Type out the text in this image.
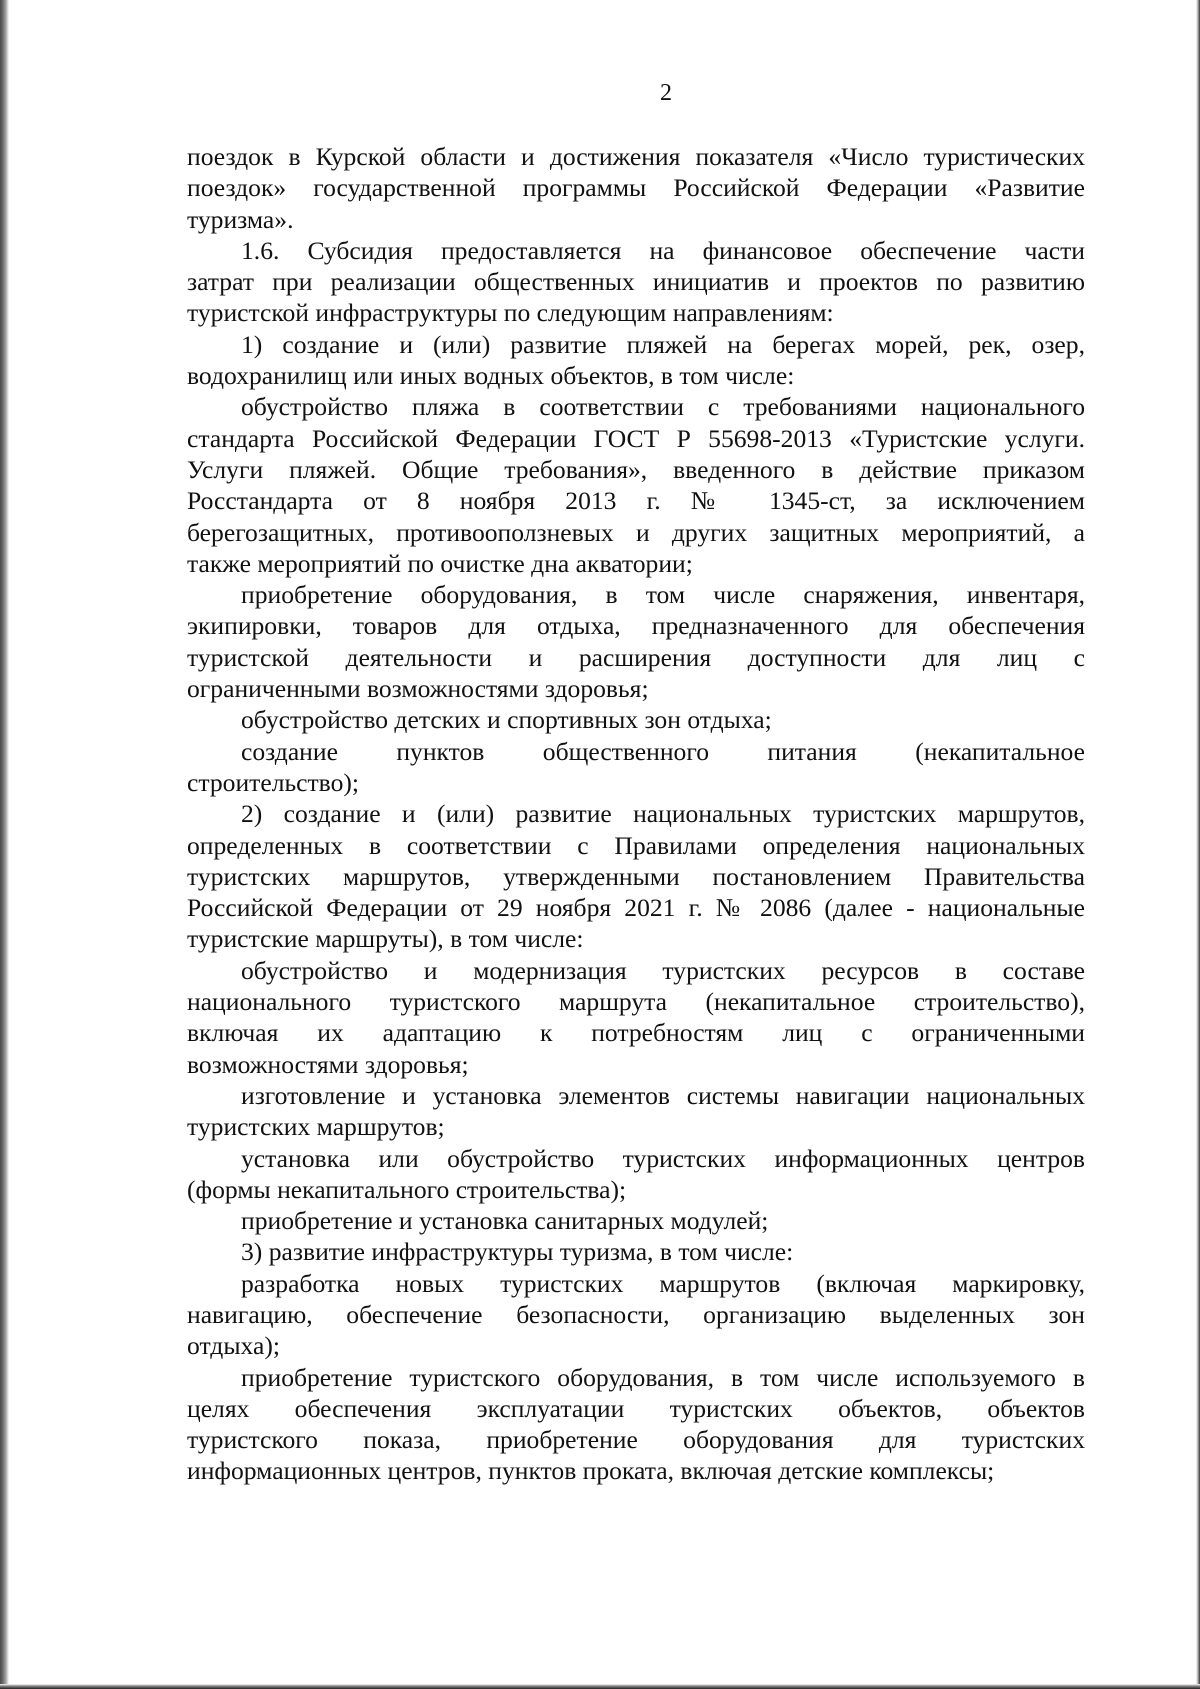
2

поездок в Курской области и достижения показателя «Число туристических

поездок» государственной программы Российской Федерации «Развитие

туризма».

1.6. Субсидия предоставляется на финансовое обеспечение части

затрат при реализации общественных инициатив и проектов по развитию

туристской инфраструктуры по следующим направлениям:

1) создание и (или) развитие пляжей на берегах морей, рек, озер,

водохранилищ или иных водных объектов, в том числе:

обустройство пляжа в соответствии с требованиями национального

стандарта Российской Федерации ГОСТ Р 55698-2013 «Туристские услуги.

Услуги пляжей. Общие требования», введенного в действие приказом

Росстандарта от 8 ноября 2013 г. № 1345-ст, за исключением

берегозащитных, противооползневых и других защитных мероприятий, а

также мероприятий по очистке дна акватории;

приобретение оборудования, в том числе снаряжения, инвентаря,

экипировки, товаров для отдыха, предназначенного для обеспечения

туристской деятельности и расширения доступности для лиц с

ограниченными возможностями здоровья;

обустройство детских и спортивных зон отдыха;

создание пунктов общественного питания (некапитальное

строительство);

2) создание и (или) развитие национальных туристских маршрутов,

определенных в соответствии с Правилами определения национальных

туристских маршрутов, утвержденными постановлением Правительства

Российской Федерации от 29 ноября 2021 г. № 2086 (далее - национальные

туристские маршруты), в том числе:

обустройство и модернизация туристских ресурсов в составе

национального туристского маршрута (некапитальное строительство),

включая их адаптацию к потребностям лиц с ограниченными

возможностями здоровья;

изготовление и установка элементов системы навигации национальных

туристских маршрутов;

установка или обустройство туристских информационных центров

(формы некапитального строительства);

приобретение и установка санитарных модулей;

3) развитие инфраструктуры туризма, в том числе:

разработка новых туристских маршрутов (включая маркировку,

навигацию, обеспечение безопасности, организацию выделенных зон

отдыха);

приобретение туристского оборудования, в том числе используемого в

целях обеспечения эксплуатации туристских объектов, объектов

туристского показа, приобретение оборудования для туристских

информационных центров, пунктов проката, включая детские комплексы;
